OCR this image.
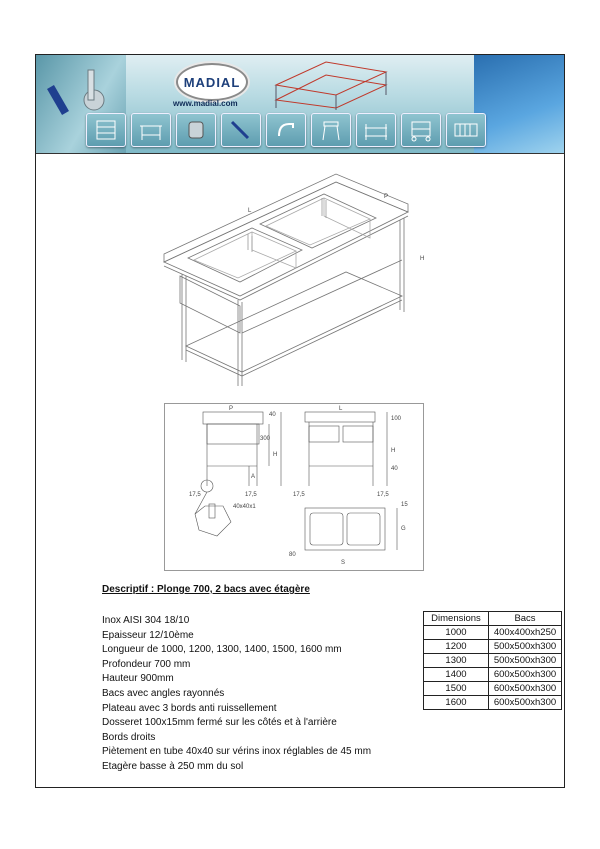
MADIAL
www.madial.com
L
P
H
P
40
300
H
A
17,5	17,5
L
100
H
40
17,5	17,5
40x40x1	15
G
80
S
Descriptif : Plonge 700, 2 bacs avec étagère
Inox AISI 304 18/10
Epaisseur 12/10ème
Longueur de 1000, 1200, 1300, 1400, 1500, 1600 mm
Profondeur 700 mm
Hauteur 900mm
Bacs avec angles rayonnés
Plateau avec 3 bords anti ruissellement
Dosseret 100x15mm fermé sur les côtés et à l'arrière
Bords droits
Piètement en tube 40x40 sur vérins inox réglables de 45 mm
Etagère basse à 250 mm du sol
Dimensions	Bacs
1000	400x400xh250
1200	500x500xh300
1300	500x500xh300
1400	600x500xh300
1500	600x500xh300
1600	600x500xh300
